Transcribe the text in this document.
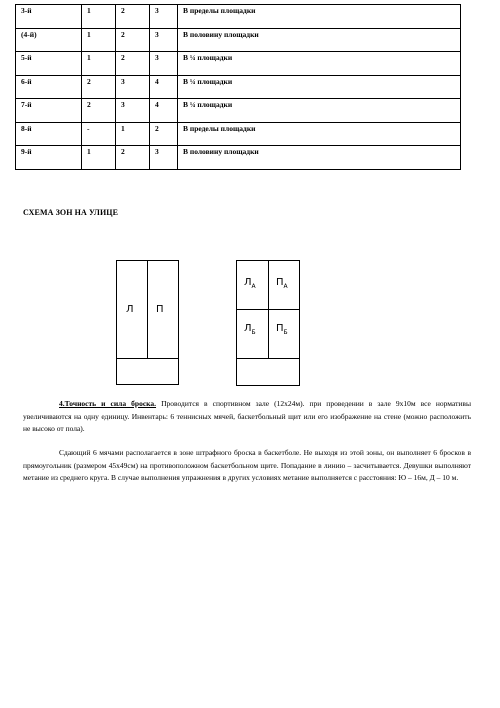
3-й	1	2	3	В пределы площадки
(4-й)	1	2	3	В половину площадки
5-й	1	2	3	В ¼ площадки
6-й	2	3	4	В ¼ площадки
7-й	2	3	4	В ¼ площадки
8-й	-	1	2	В пределы площадки
9-й	1	2	3	В половину площадки
СХЕМА ЗОН НА УЛИЦЕ
Л П
$Л_А$ $П_А$
$Л_Б$ $П_Б$

4.Точность и сила броска. Проводится в спортивном зале (12х24м). при проведении в зале 9х10м все нормативы увеличиваются на одну единицу. Инвентарь: 6 теннисных мячей, баскетбольный щит или его изображение на стене (можно расположить не высоко от пола).

Сдающий 6 мячами располагается в зоне штрафного броска в баскетболе. Не выходя из этой зоны, он выполняет 6 бросков в прямоугольник (размером 45х49см) на противоположном баскетбольном щите. Попадание в линию – засчитывается. Девушки выполняют метание из среднего круга. В случае выполнения упражнения в других условиях метание выполняется с расстояния: Ю – 16м, Д – 10 м.
